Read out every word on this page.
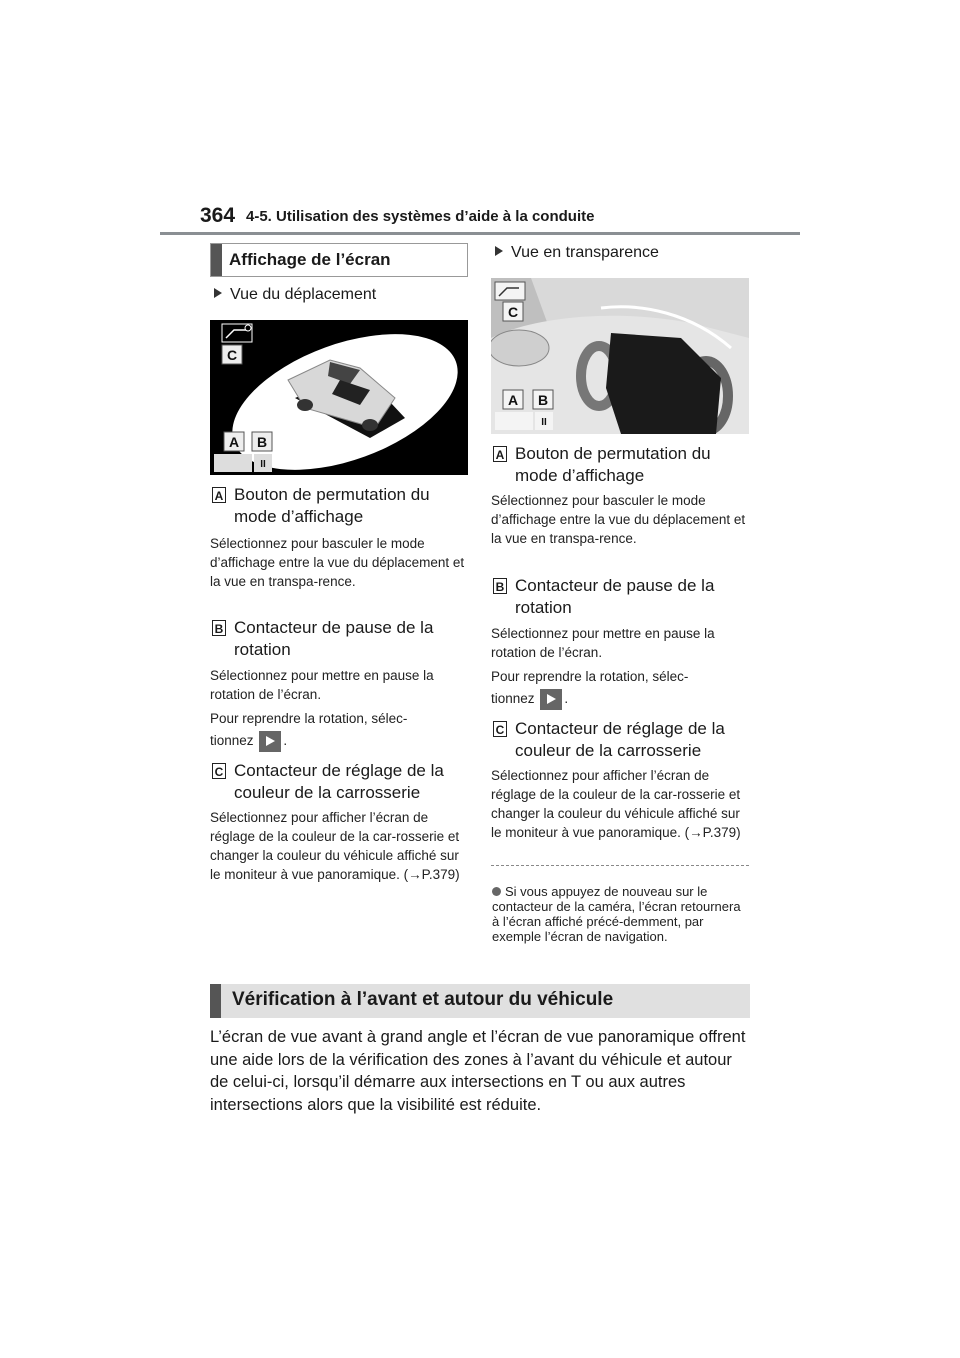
364 4-5. Utilisation des systèmes d’aide à la conduite
Affichage de l’écran
Vue du déplacement
C
A B
II
A Bouton de permutation du mode d’affichage
Sélectionnez pour basculer le mode d’affichage entre la vue du déplacement et la vue en transpa-rence.
B Contacteur de pause de la rotation
Sélectionnez pour mettre en pause la rotation de l’écran.
Pour reprendre la rotation, sélec-
tionnez .
C Contacteur de réglage de la couleur de la carrosserie
Sélectionnez pour afficher l’écran de réglage de la couleur de la car-rosserie et changer la couleur du véhicule affiché sur le moniteur à vue panoramique. (→P.379)
Vue en transparence
C
A B
II
A Bouton de permutation du mode d’affichage
Sélectionnez pour basculer le mode d’affichage entre la vue du déplacement et la vue en transpa-rence.
B Contacteur de pause de la rotation
Sélectionnez pour mettre en pause la rotation de l’écran.
Pour reprendre la rotation, sélec-
tionnez .
C Contacteur de réglage de la couleur de la carrosserie
Sélectionnez pour afficher l’écran de réglage de la couleur de la car-rosserie et changer la couleur du véhicule affiché sur le moniteur à vue panoramique. (→P.379)
Si vous appuyez de nouveau sur le contacteur de la caméra, l’écran retournera à l’écran affiché précé-demment, par exemple l’écran de navigation.
Vérification à l’avant et autour du véhicule
L’écran de vue avant à grand angle et l’écran de vue panoramique offrent une aide lors de la vérification des zones à l’avant du véhicule et autour de celui-ci, lorsqu’il démarre aux intersections en T ou aux autres intersections alors que la visibilité est réduite.
